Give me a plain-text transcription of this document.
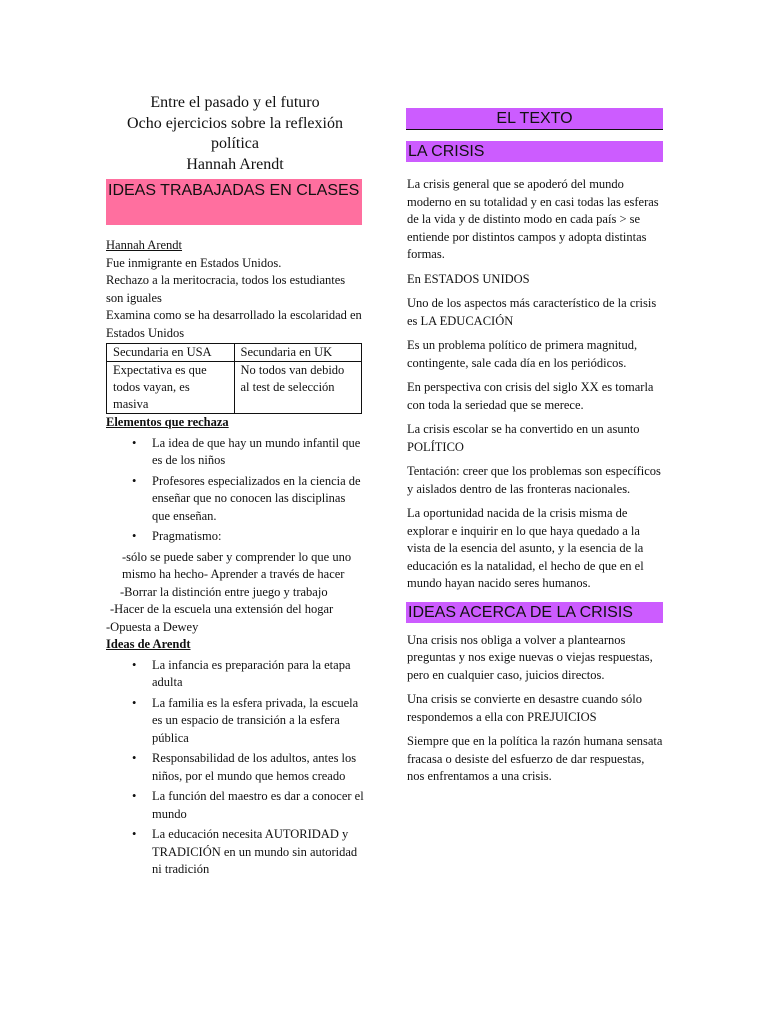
Entre el pasado y el futuro
Ocho ejercicios sobre la reflexión
política
Hannah Arendt
IDEAS TRABAJADAS EN CLASES
Hannah Arendt
Fue inmigrante en Estados Unidos.
Rechazo a la meritocracia, todos los estudiantes son iguales
Examina como se ha desarrollado la escolaridad en Estados Unidos
Secundaria en USA	Secundaria en UK
Expectativa es que todos vayan, es masiva	No todos van debido al test de selección
Elementos que rechaza
• La idea de que hay un mundo infantil que es de los niños
• Profesores especializados en la ciencia de enseñar que no conocen las disciplinas que enseñan.
• Pragmatismo:
-sólo se puede saber y comprender lo que uno mismo ha hecho- Aprender a través de hacer
-Borrar la distinción entre juego y trabajo
-Hacer de la escuela una extensión del hogar
-Opuesta a Dewey
Ideas de Arendt
• La infancia es preparación para la etapa adulta
• La familia es la esfera privada, la escuela es un espacio de transición a la esfera pública
• Responsabilidad de los adultos, antes los niños, por el mundo que hemos creado
• La función del maestro es dar a conocer el mundo
• La educación necesita AUTORIDAD y TRADICIÓN en un mundo sin autoridad ni tradición
EL TEXTO
LA CRISIS

La crisis general que se apoderó del mundo moderno en su totalidad y en casi todas las esferas de la vida y de distinto modo en cada país > se entiende por distintos campos y adopta distintas formas.

En ESTADOS UNIDOS

Uno de los aspectos más característico de la crisis es LA EDUCACIÓN

Es un problema político de primera magnitud, contingente, sale cada día en los periódicos.

En perspectiva con crisis del siglo XX es tomarla con toda la seriedad que se merece.

La crisis escolar se ha convertido en un asunto POLÍTICO

Tentación: creer que los problemas son específicos y aislados dentro de las fronteras nacionales.

La oportunidad nacida de la crisis misma de explorar e inquirir en lo que haya quedado a la vista de la esencia del asunto, y la esencia de la educación es la natalidad, el hecho de que en el mundo hayan nacido seres humanos.

IDEAS ACERCA DE LA CRISIS

Una crisis nos obliga a volver a plantearnos preguntas y nos exige nuevas o viejas respuestas, pero en cualquier caso, juicios directos.

Una crisis se convierte en desastre cuando sólo respondemos a ella con PREJUICIOS

Siempre que en la política la razón humana sensata fracasa o desiste del esfuerzo de dar respuestas, nos enfrentamos a una crisis.
